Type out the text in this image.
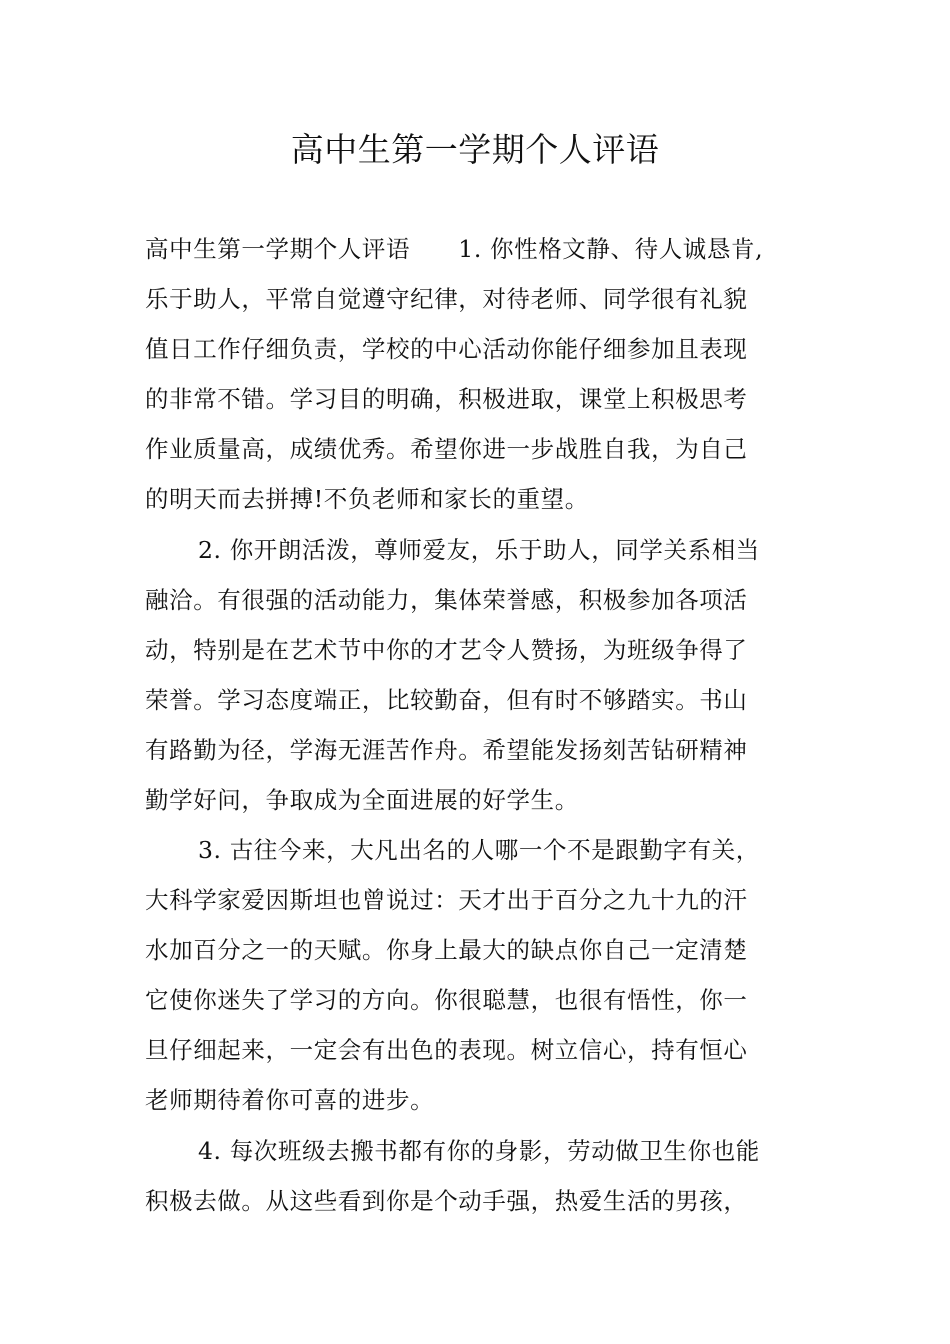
高中生第一学期个人评语
高中生第一学期个人评语　　1. 你性格文静、待人诚恳肯,
乐于助人，平常自觉遵守纪律，对待老师、同学很有礼貌
值日工作仔细负责，学校的中心活动你能仔细参加且表现
的非常不错。学习目的明确，积极进取，课堂上积极思考
作业质量高，成绩优秀。希望你进一步战胜自我，为自己
的明天而去拼搏!不负老师和家长的重望。
2. 你开朗活泼，尊师爱友，乐于助人，同学关系相当
融洽。有很强的活动能力，集体荣誉感，积极参加各项活
动，特别是在艺术节中你的才艺令人赞扬，为班级争得了
荣誉。学习态度端正，比较勤奋，但有时不够踏实。书山
有路勤为径，学海无涯苦作舟。希望能发扬刻苦钻研精神
勤学好问，争取成为全面进展的好学生。
3. 古往今来，大凡出名的人哪一个不是跟勤字有关，
大科学家爱因斯坦也曾说过：天才出于百分之九十九的汗
水加百分之一的天赋。你身上最大的缺点你自己一定清楚
它使你迷失了学习的方向。你很聪慧，也很有悟性，你一
旦仔细起来，一定会有出色的表现。树立信心，持有恒心
老师期待着你可喜的进步。
4. 每次班级去搬书都有你的身影，劳动做卫生你也能
积极去做。从这些看到你是个动手强，热爱生活的男孩，
